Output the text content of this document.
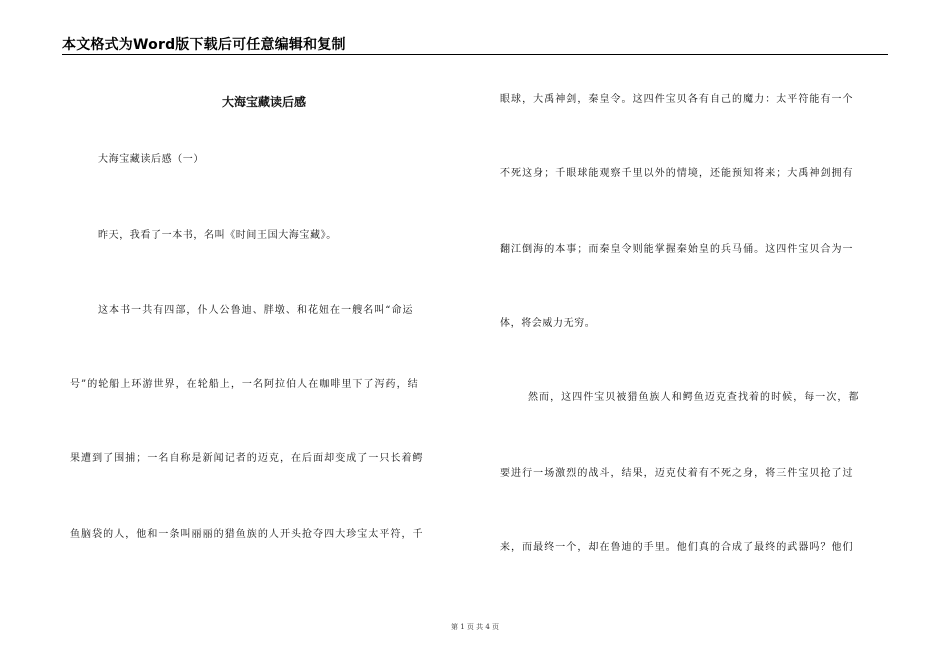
本文格式为Word版下载后可任意编辑和复制
大海宝藏读后感
大海宝藏读后感（一）
昨天，我看了一本书，名叫《时间王国大海宝藏》。
这本书一共有四部，仆人公鲁迪、胖墩、和花妞在一艘名叫“命运
号”的轮船上环游世界，在轮船上，一名阿拉伯人在咖啡里下了泻药，结
果遭到了围捕；一名自称是新闻记者的迈克，在后面却变成了一只长着鳄
鱼脑袋的人，他和一条叫丽丽的猎鱼族的人开头抢夺四大珍宝太平符，千
眼球，大禹神剑，秦皇令。这四件宝贝各有自己的魔力：太平符能有一个
不死这身；千眼球能观察千里以外的情境，还能预知将来；大禹神剑拥有
翻江倒海的本事；而秦皇令则能掌握秦始皇的兵马俑。这四件宝贝合为一
体，将会威力无穷。
然而，这四件宝贝被猎鱼族人和鳄鱼迈克查找着的时候，每一次，都
要进行一场激烈的战斗，结果，迈克仗着有不死之身，将三件宝贝抢了过
来，而最终一个，却在鲁迪的手里。他们真的合成了最终的武器吗？他们
第 1 页 共 4 页
